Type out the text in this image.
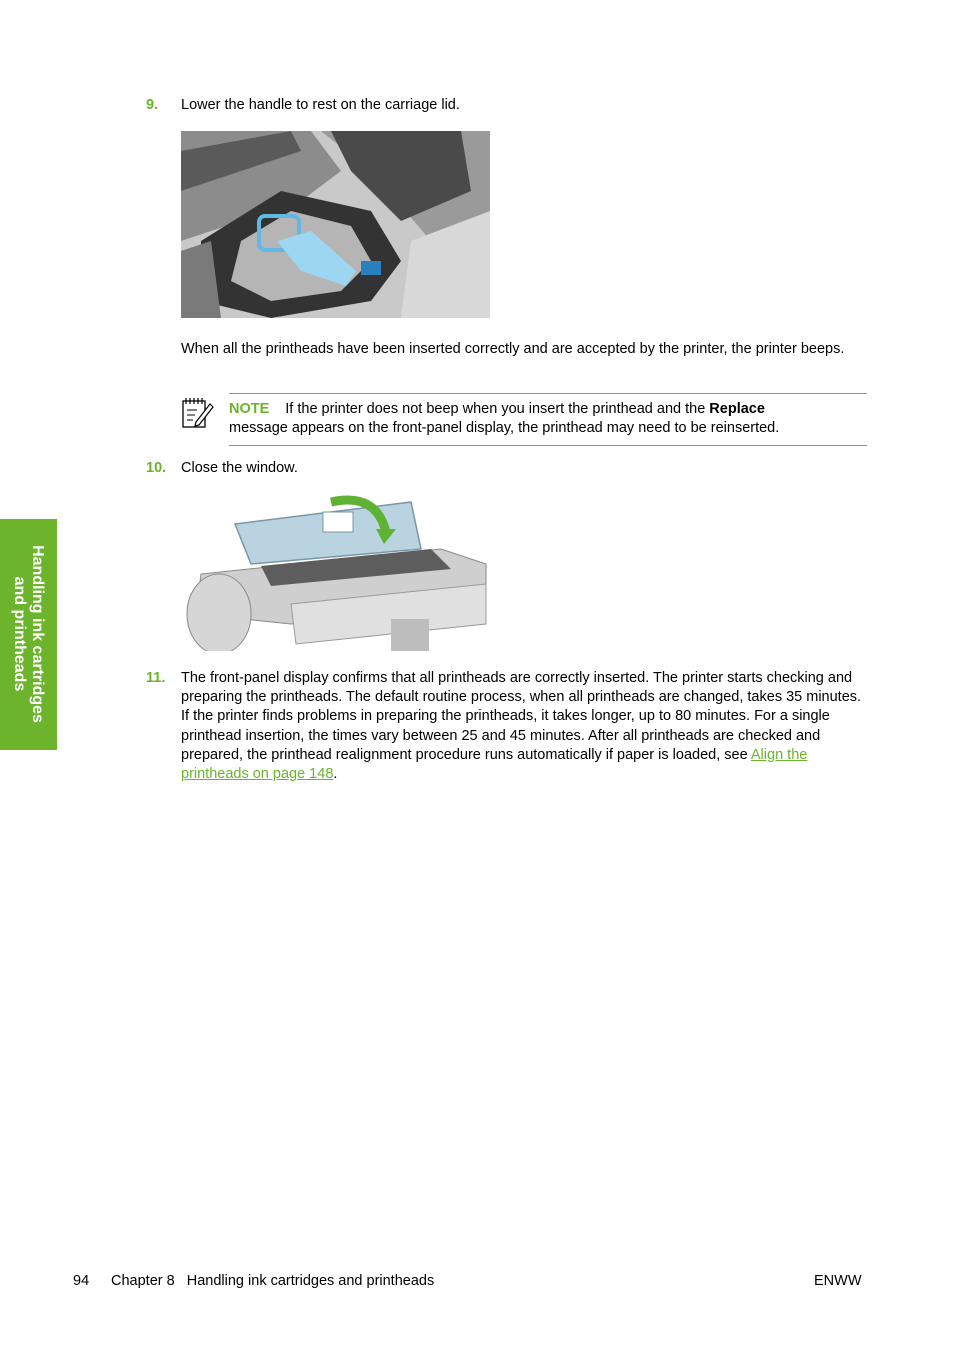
Handling ink cartridges
and printheads
9. Lower the handle to rest on the carriage lid.
When all the printheads have been inserted correctly and are accepted by the printer, the printer beeps.
NOTE If the printer does not beep when you insert the printhead and the Replace
message appears on the front-panel display, the printhead may need to be reinserted.
10. Close the window.
11. The front-panel display confirms that all printheads are correctly inserted. The printer starts checking and preparing the printheads. The default routine process, when all printheads are changed, takes 35 minutes. If the printer finds problems in preparing the printheads, it takes longer, up to 80 minutes. For a single printhead insertion, the times vary between 25 and 45 minutes. After all printheads are checked and prepared, the printhead realignment procedure runs automatically if paper is loaded, see Align the printheads on page 148.
94 Chapter 8   Handling ink cartridges and printheads	ENWW
